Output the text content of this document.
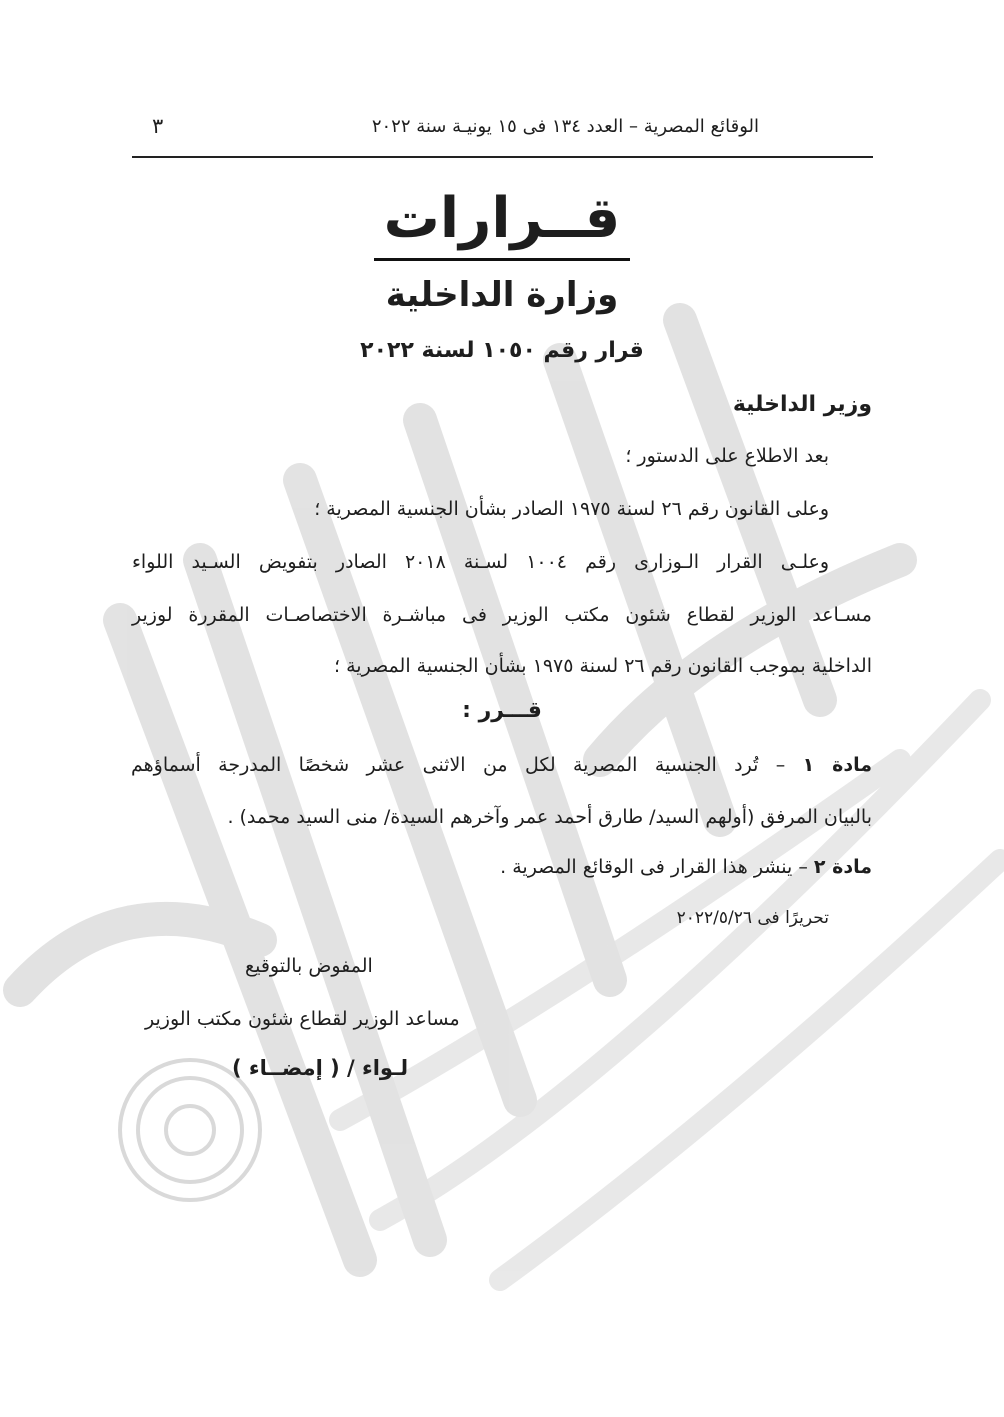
الوقائع المصرية – العدد ١٣٤ فى ١٥ يونيـة سنة ٢٠٢٢
٣
قــرارات
وزارة الداخلية
قرار رقم ١٠٥٠ لسنة ٢٠٢٢
وزير الداخلية
بعد الاطلاع على الدستور ؛
وعلى القانون رقم ٢٦ لسنة ١٩٧٥ الصادر بشأن الجنسية المصرية ؛
وعلـى القرار الـوزارى رقم ١٠٠٤ لسـنة ٢٠١٨ الصادر بتفويض السـيد اللواء
مسـاعد الوزير لقطاع شئون مكتب الوزير فى مباشـرة الاختصاصـات المقررة لوزير
الداخلية بموجب القانون رقم ٢٦ لسنة ١٩٧٥ بشأن الجنسية المصرية ؛
قـــرر :
مادة ١ – تُرد الجنسية المصرية لكل من الاثنى عشر شخصًا المدرجة أسماؤهم
بالبيان المرفق (أولهم السيد/ طارق أحمد عمر وآخرهم السيدة/ منى السيد محمد) .
مادة ٢ – ينشر هذا القرار فى الوقائع المصرية .
تحريرًا فى ٢٠٢٢/٥/٢٦
المفوض بالتوقيع
مساعد الوزير لقطاع شئون مكتب الوزير
لـواء / ( إمضــاء )
